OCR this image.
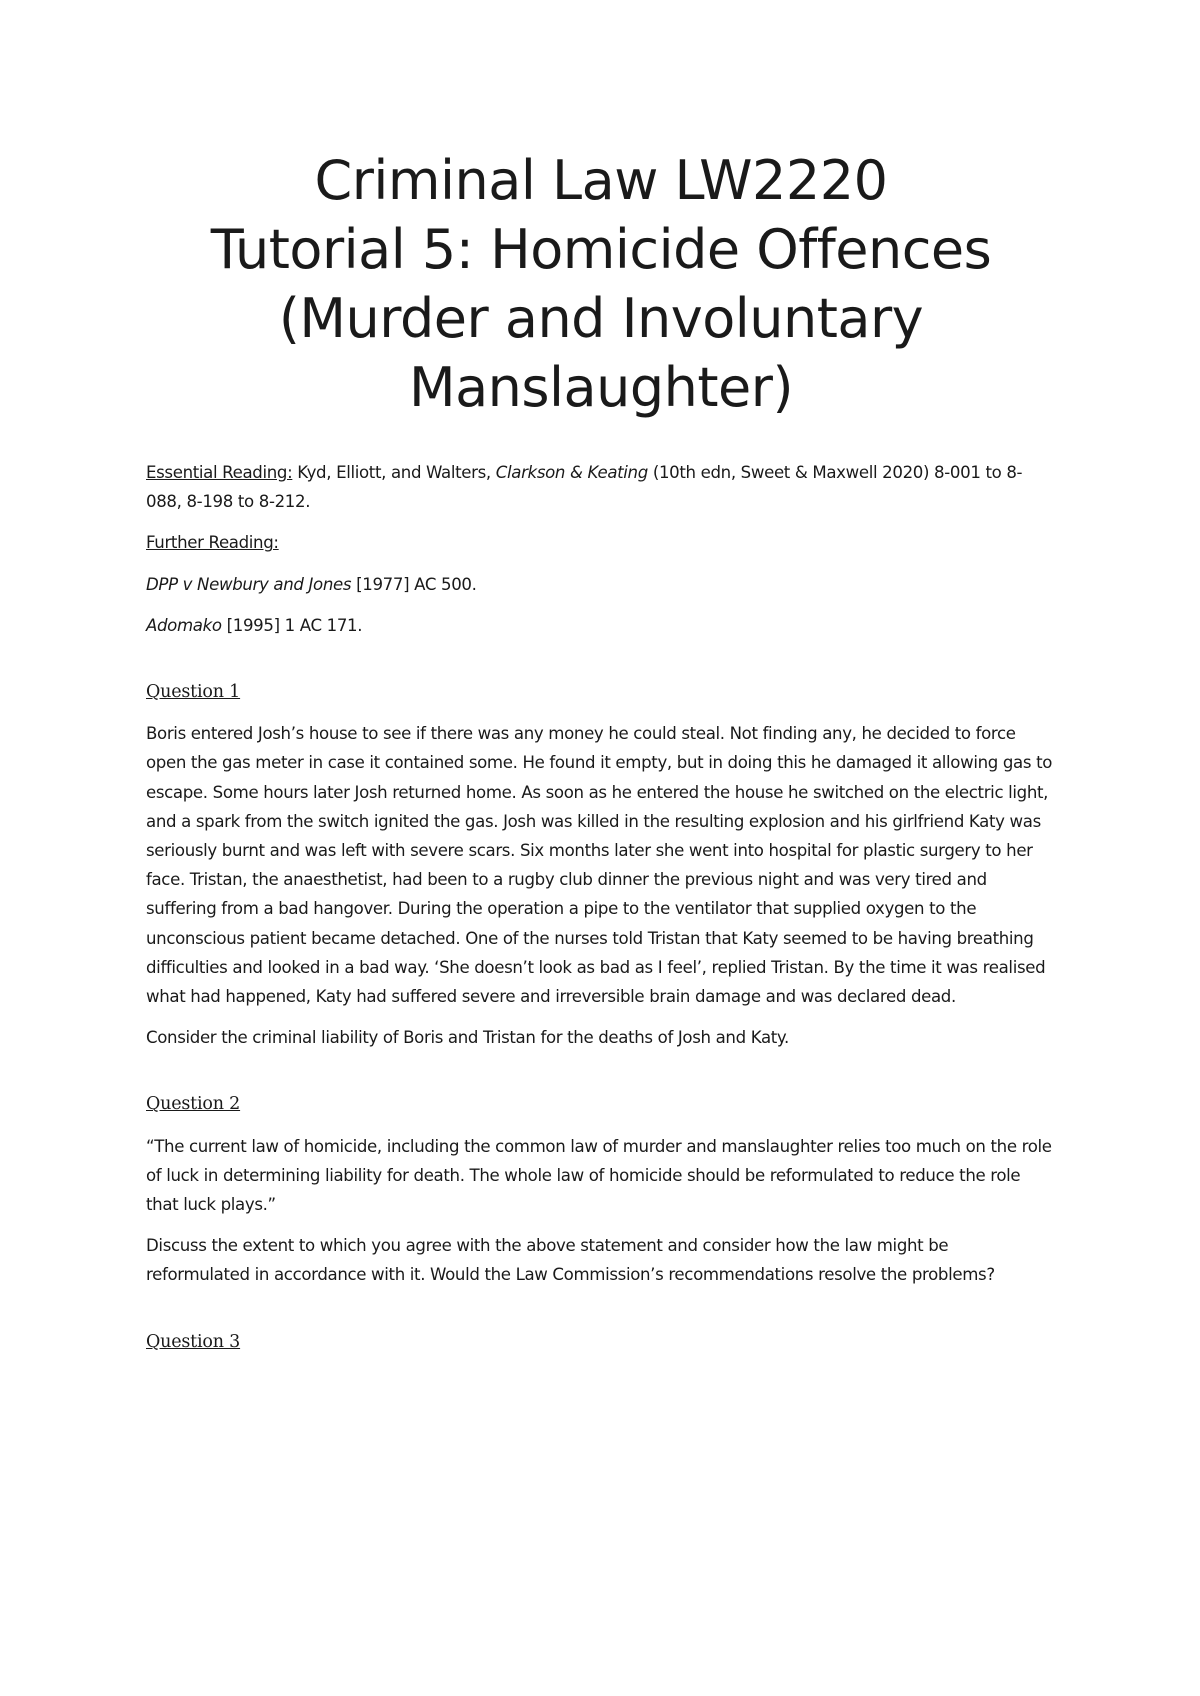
Criminal Law LW2220
Tutorial 5: Homicide Offences
(Murder and Involuntary
Manslaughter)

Essential Reading: Kyd, Elliott, and Walters, Clarkson & Keating (10th edn, Sweet & Maxwell 2020) 8-001 to 8-088, 8-198 to 8-212.

Further Reading:

DPP v Newbury and Jones [1977] AC 500.

Adomako [1995] 1 AC 171.

Question 1

Boris entered Josh’s house to see if there was any money he could steal. Not finding any, he decided to force open the gas meter in case it contained some. He found it empty, but in doing this he damaged it allowing gas to escape. Some hours later Josh returned home. As soon as he entered the house he switched on the electric light, and a spark from the switch ignited the gas. Josh was killed in the resulting explosion and his girlfriend Katy was seriously burnt and was left with severe scars. Six months later she went into hospital for plastic surgery to her face. Tristan, the anaesthetist, had been to a rugby club dinner the previous night and was very tired and suffering from a bad hangover. During the operation a pipe to the ventilator that supplied oxygen to the unconscious patient became detached. One of the nurses told Tristan that Katy seemed to be having breathing difficulties and looked in a bad way. ‘She doesn’t look as bad as I feel’, replied Tristan. By the time it was realised what had happened, Katy had suffered severe and irreversible brain damage and was declared dead.

Consider the criminal liability of Boris and Tristan for the deaths of Josh and Katy.

Question 2

“The current law of homicide, including the common law of murder and manslaughter relies too much on the role of luck in determining liability for death. The whole law of homicide should be reformulated to reduce the role that luck plays.”

Discuss the extent to which you agree with the above statement and consider how the law might be reformulated in accordance with it. Would the Law Commission’s recommendations resolve the problems?

Question 3
